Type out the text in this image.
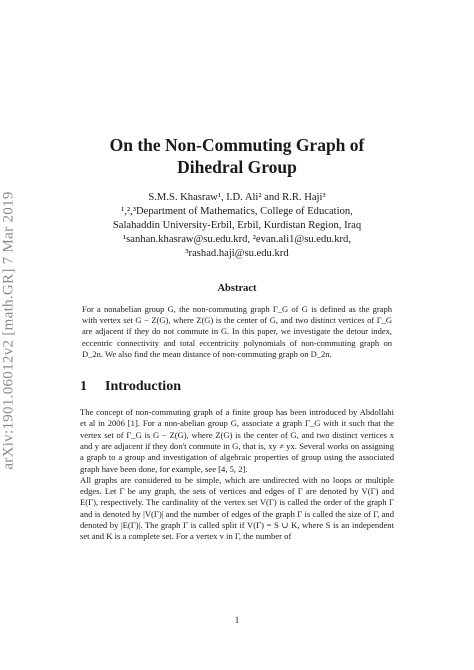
arXiv:1901.06012v2 [math.GR] 7 Mar 2019

On the Non-Commuting Graph of

Dihedral Group

S.M.S. Khasraw¹, I.D. Ali² and R.R. Haji³
¹,²,³Department of Mathematics, College of Education,
Salahaddin University-Erbil, Erbil, Kurdistan Region, Iraq
¹sanhan.khasraw@su.edu.krd, ²evan.ali1@su.edu.krd,
³rashad.haji@su.edu.krd
Abstract
For a nonabelian group G, the non-commuting graph Γ_G of G is defined as the graph with vertex set G − Z(G), where Z(G) is the center of G, and two distinct vertices of Γ_G are adjacent if they do not commute in G. In this paper, we investigate the detour index, eccentric connectivity and total eccentricity polynomials of non-commuting graph on D_2n. We also find the mean distance of non-commuting graph on D_2n.
1 Introduction
The concept of non-commuting graph of a finite group has been introduced by Abdollahi et al in 2006 [1]. For a non-abelian group G, associate a graph Γ_G with it such that the vertex set of Γ_G is G − Z(G), where Z(G) is the center of G, and two distinct vertices x and y are adjacent if they don't commute in G, that is, xy ≠ yx. Several works on assigning a graph to a group and investigation of algebraic properties of group using the associated graph have been done, for example, see [4, 5, 2].
All graphs are considered to be simple, which are undirected with no loops or multiple edges. Let Γ be any graph, the sets of vertices and edges of Γ are denoted by V(Γ) and E(Γ), respectively. The cardinality of the vertex set V(Γ) is called the order of the graph Γ and is denoted by |V(Γ)| and the number of edges of the graph Γ is called the size of Γ, and denoted by |E(Γ)|. The graph Γ is called split if V(Γ) = S ∪ K, where S is an independent set and K is a complete set. For a vertex v in Γ, the number of
1
